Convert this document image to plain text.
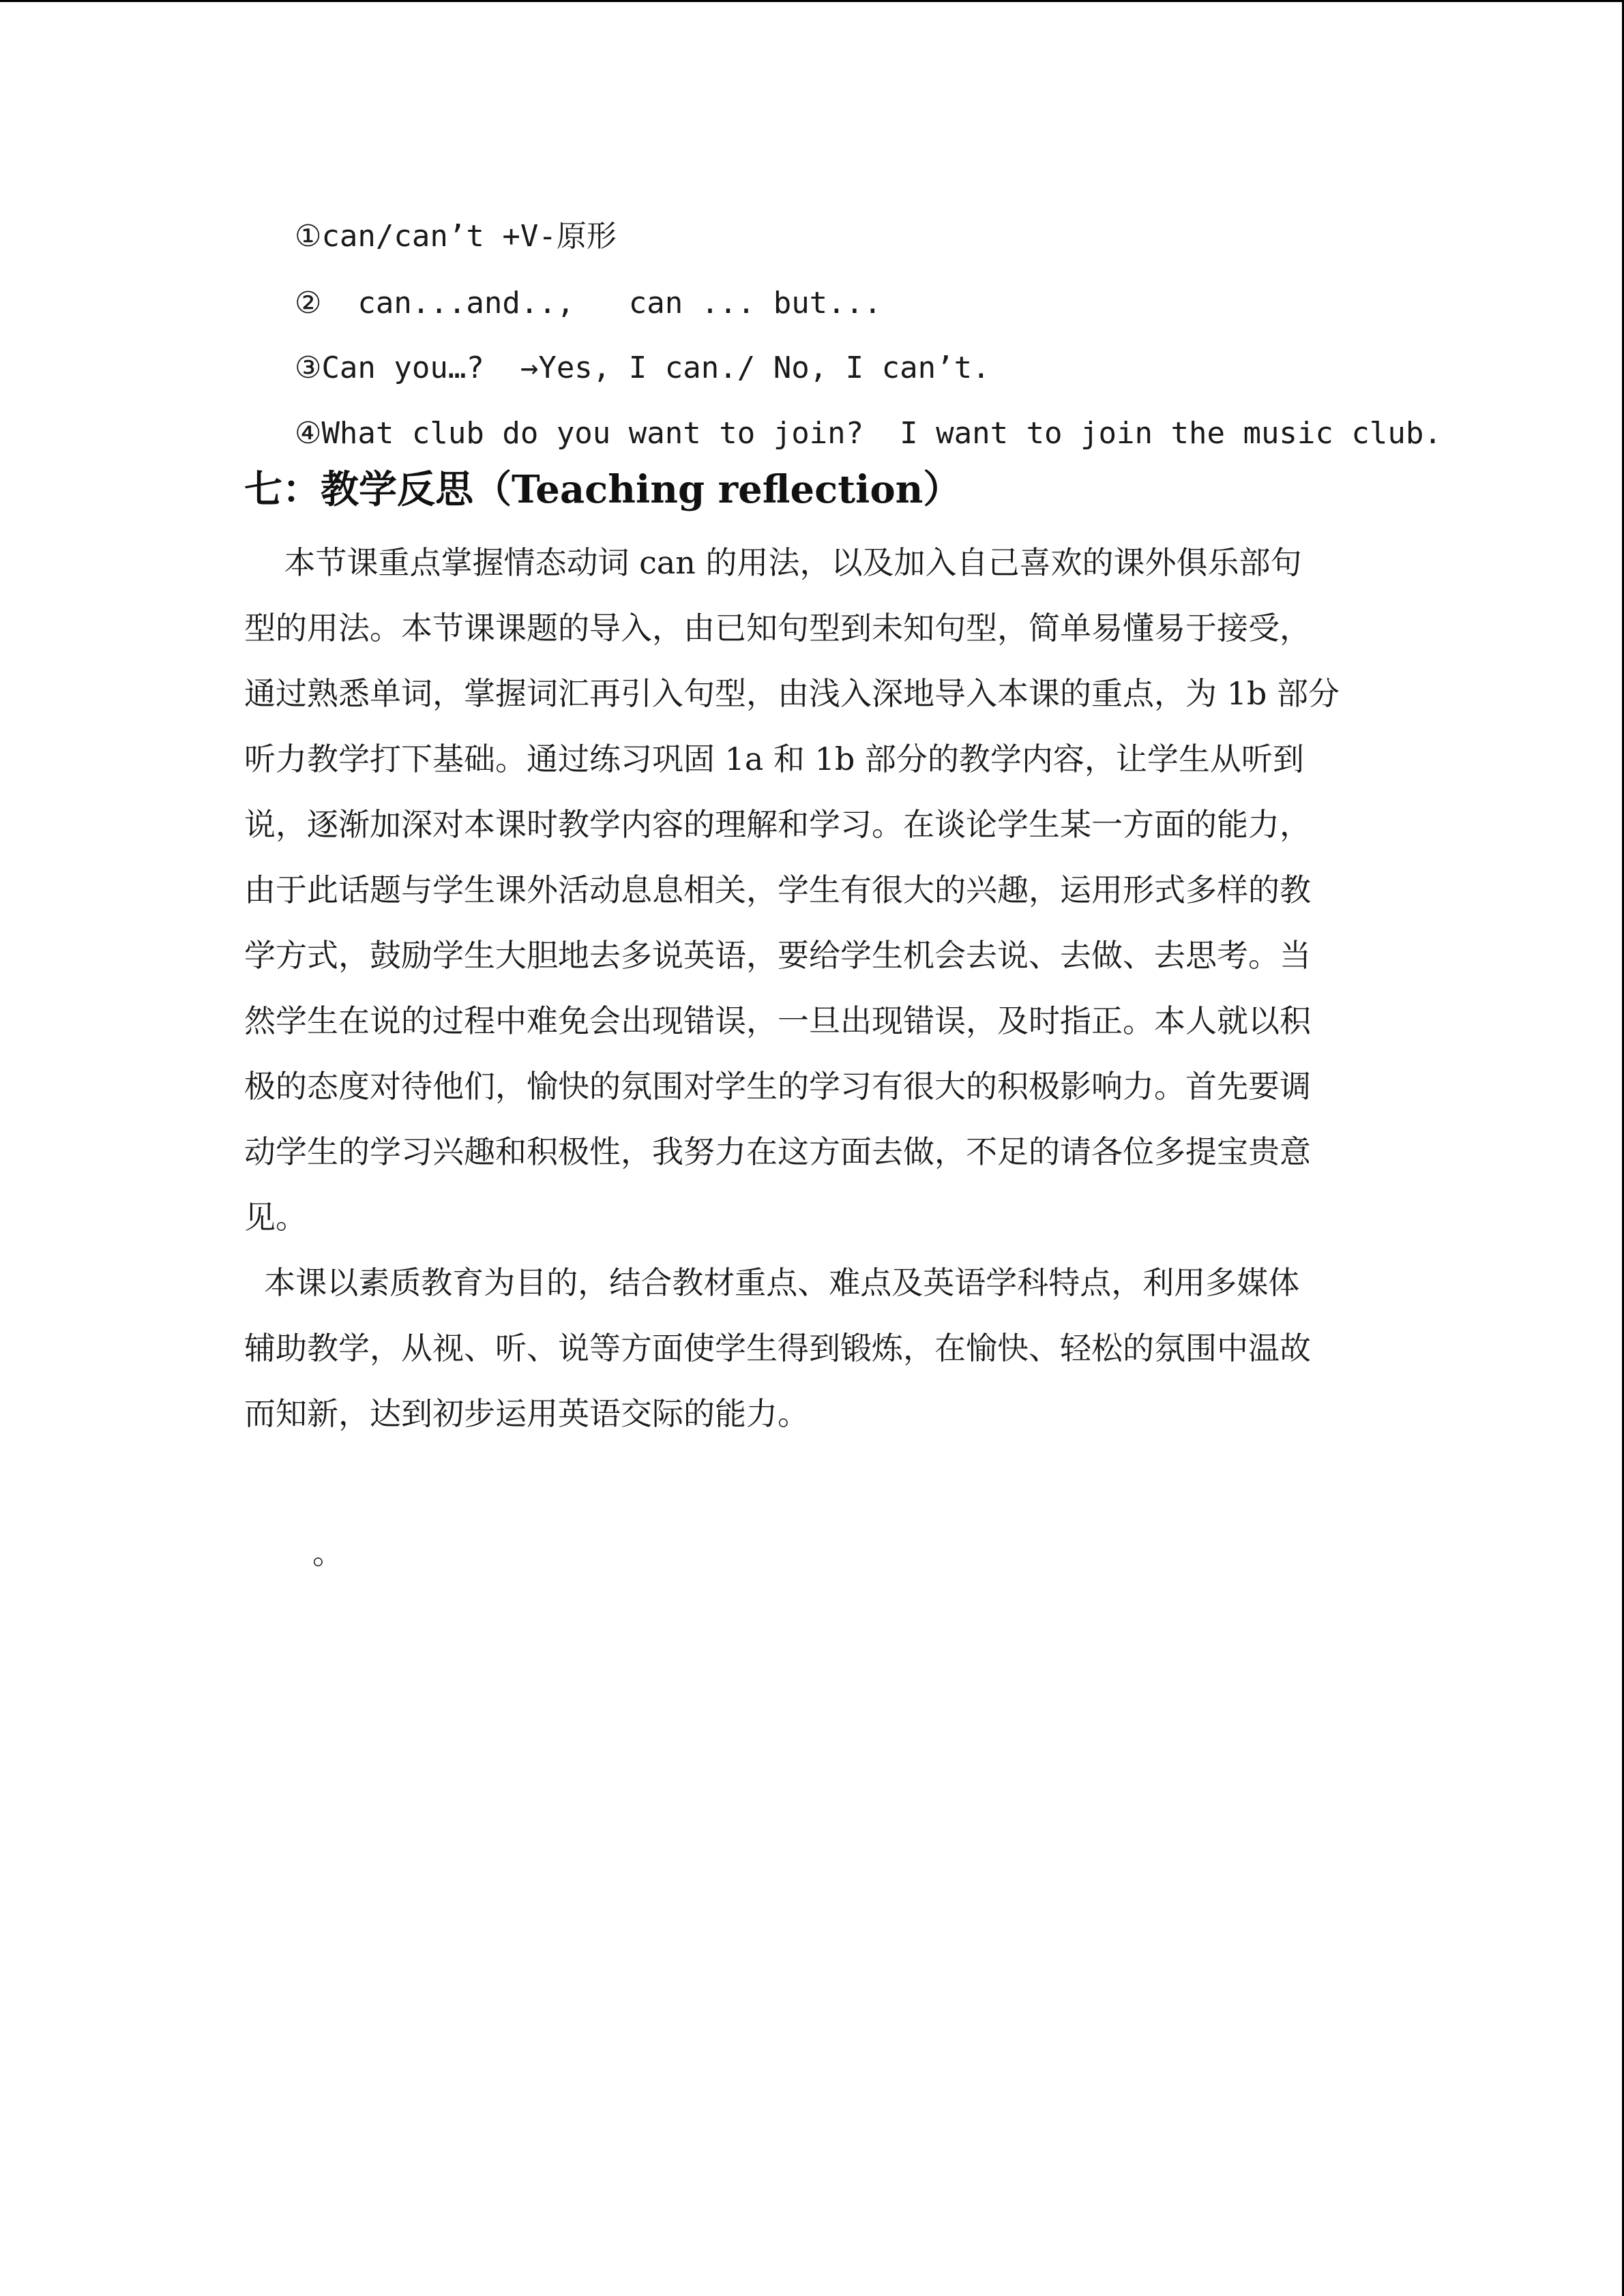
①can/can’t +V-原形
②  can...and..,   can ... but...
③Can you…?  →Yes, I can./ No, I can’t.
④What club do you want to join?  I want to join the music club.
七：教学反思（Teaching reflection）
本节课重点掌握情态动词 can 的用法，以及加入自己喜欢的课外俱乐部句
型的用法。本节课课题的导入，由已知句型到未知句型，简单易懂易于接受，
通过熟悉单词，掌握词汇再引入句型，由浅入深地导入本课的重点，为 1b 部分
听力教学打下基础。通过练习巩固 1a 和 1b 部分的教学内容，让学生从听到
说，逐渐加深对本课时教学内容的理解和学习。在谈论学生某一方面的能力，
由于此话题与学生课外活动息息相关，学生有很大的兴趣，运用形式多样的教
学方式，鼓励学生大胆地去多说英语，要给学生机会去说、去做、去思考。当
然学生在说的过程中难免会出现错误，一旦出现错误，及时指正。本人就以积
极的态度对待他们，愉快的氛围对学生的学习有很大的积极影响力。首先要调
动学生的学习兴趣和积极性，我努力在这方面去做，不足的请各位多提宝贵意
见。
本课以素质教育为目的，结合教材重点、难点及英语学科特点，利用多媒体
辅助教学，从视、听、说等方面使学生得到锻炼，在愉快、轻松的氛围中温故
而知新，达到初步运用英语交际的能力。
。
